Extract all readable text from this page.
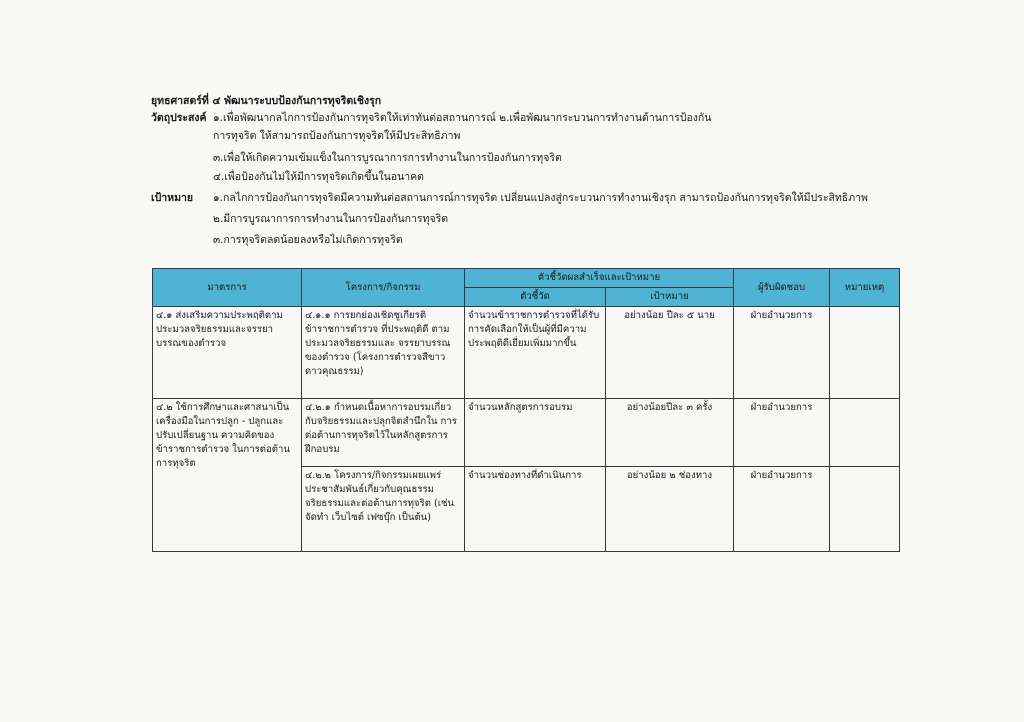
ยุทธศาสตร์ที่ ๔ พัฒนาระบบป้องกันการทุจริตเชิงรุก
วัตถุประสงค์ ๑.เพื่อพัฒนากลไกการป้องกันการทุจริตให้เท่าทันต่อสถานการณ์ ๒.เพื่อพัฒนากระบวนการทำงานด้านการป้องกัน
การทุจริต ให้สามารถป้องกันการทุจริตให้มีประสิทธิภาพ
๓.เพื่อให้เกิดความเข้มแข็งในการบูรณาการการทำงานในการป้องกันการทุจริต
๔.เพื่อป้องกันไม่ให้มีการทุจริตเกิดขึ้นในอนาคต
เป้าหมาย ๑.กลไกการป้องกันการทุจริตมีความทันต่อสถานการณ์การทุจริต เปลี่ยนแปลงสู่กระบวนการทำงานเชิงรุก สามารถป้องกันการทุจริตให้มีประสิทธิภาพ
๒.มีการบูรณาการการทำงานในการป้องกันการทุจริต
๓.การทุจริตลดน้อยลงหรือไม่เกิดการทุจริต
มาตรการ	โครงการ/กิจกรรม	ตัวชี้วัดผลสำเร็จและเป้าหมาย		ผู้รับผิดชอบ	หมายเหตุ
		ตัวชี้วัด	เป้าหมาย		
๔.๑ ส่งเสริมความประพฤติตามประมวลจริยธรรมและจรรยาบรรณของตำรวจ	๔.๑.๑ การยกย่องเชิดชูเกียรติ ข้าราชการตำรวจ ที่ประพฤติดี ตามประมวลจริยธรรมและ จรรยาบรรณของตำรวจ (โครงการตำรวจสีขาวดาวคุณธรรม)	จำนวนข้าราชการตำรวจที่ได้รับ การคัดเลือกให้เป็นผู้ที่มีความประพฤติดีเยี่ยมเพิ่มมากขึ้น	อย่างน้อย ปีละ ๕ นาย	ฝ่ายอำนวยการ	
๔.๒ ใช้การศึกษาและศาสนาเป็นเครื่องมือในการปลูก - ปลูกและปรับเปลี่ยนฐาน ความคิดของข้าราชการตำรวจ ในการต่อต้านการทุจริต	๔.๒.๑ กำหนดเนื้อหาการอบรมเกี่ยวกับจริยธรรมและปลุกจิตสำนึกใน การต่อต้านการทุจริตไว้ในหลักสูตรการ ฝึกอบรม	จำนวนหลักสูตรการอบรม	อย่างน้อยปีละ ๓ ครั้ง	ฝ่ายอำนวยการ	
	๔.๒.๒ โครงการ/กิจกรรมเผยแพร่ประชาสัมพันธ์เกี่ยวกับคุณธรรมจริยธรรมและต่อต้านการทุจริต (เช่น จัดทำ เว็บไซต์ เฟซบุ๊ก เป็นต้น)	จำนวนช่องทางที่ดำเนินการ	อย่างน้อย ๒ ช่องทาง	ฝ่ายอำนวยการ	
